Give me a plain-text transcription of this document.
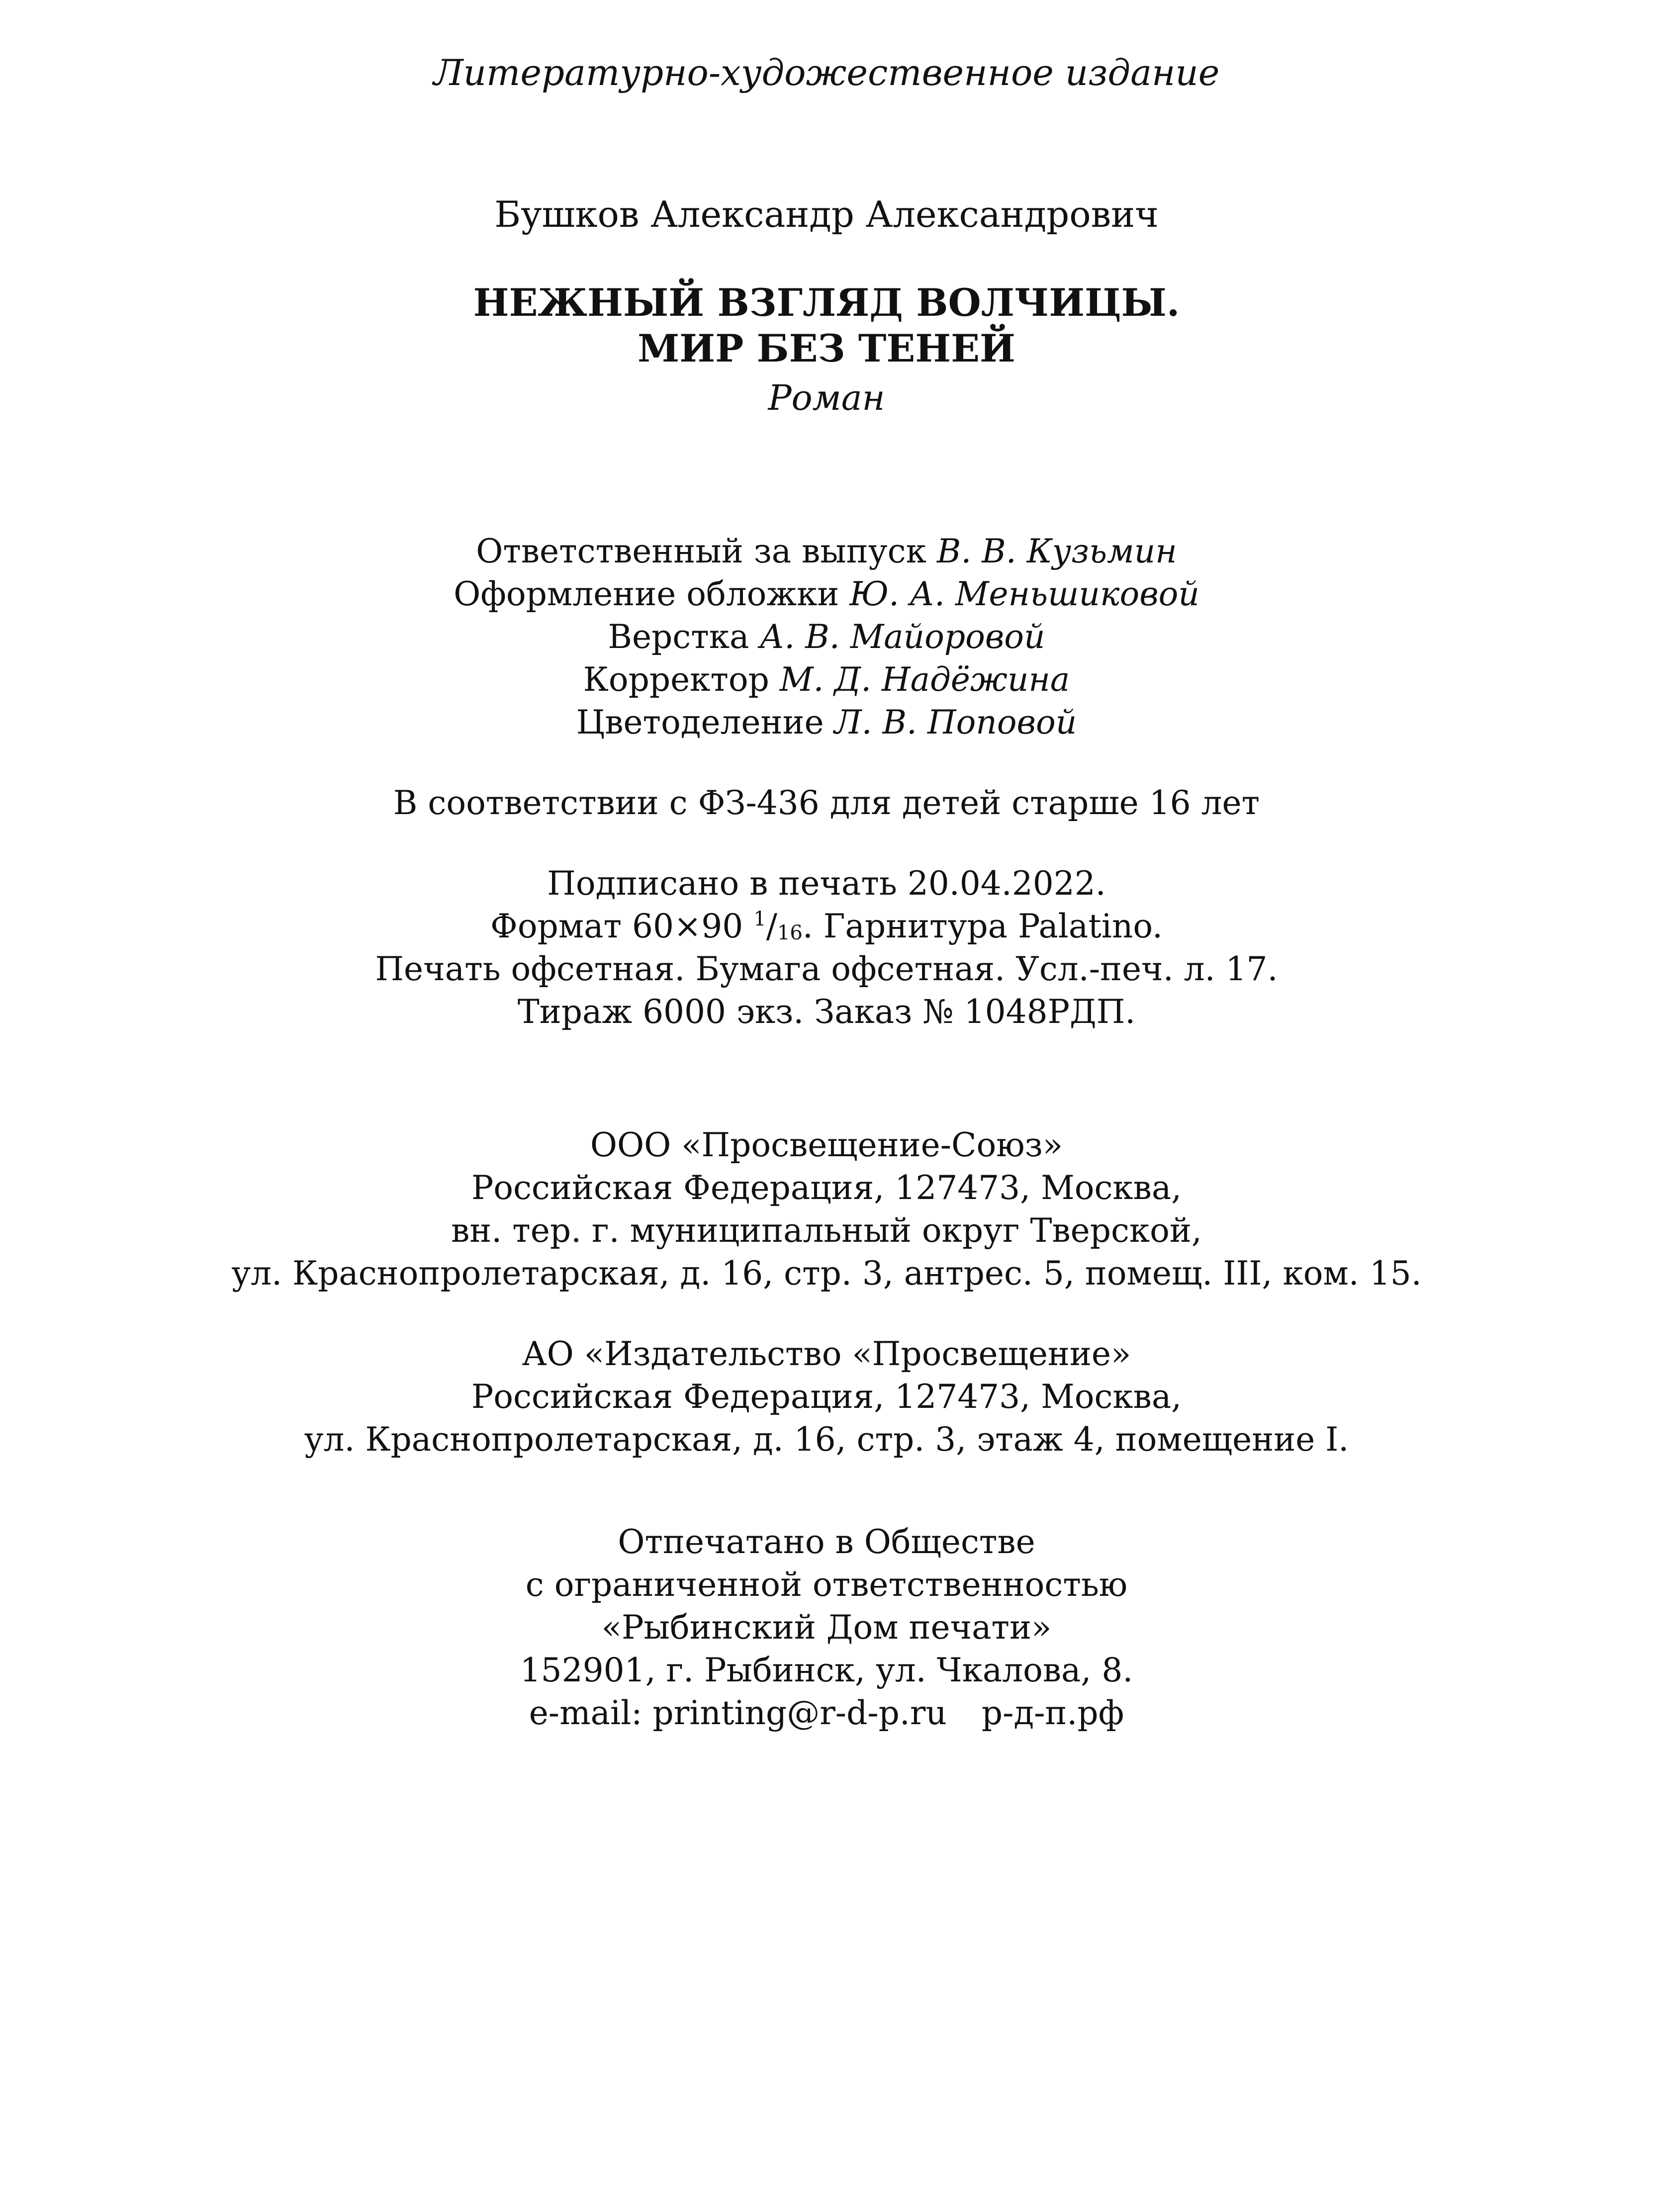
Литературно-художественное издание
Бушков Александр Александрович
НЕЖНЫЙ ВЗГЛЯД ВОЛЧИЦЫ.
МИР БЕЗ ТЕНЕЙ
Роман
Ответственный за выпуск В. В. Кузьмин
Оформление обложки Ю. А. Меньшиковой
Верстка А. В. Майоровой
Корректор М. Д. Надёжина
Цветоделение Л. В. Поповой
В соответствии с ФЗ-436 для детей старше 16 лет
Подписано в печать 20.04.2022.
Формат 60×90 $^1/_{16}$. Гарнитура Palatino.
Печать офсетная. Бумага офсетная. Усл.-печ. л. 17.
Тираж 6000 экз. Заказ № 1048РДП.
ООО «Просвещение-Союз»
Российская Федерация, 127473, Москва,
вн. тер. г. муниципальный округ Тверской,
ул. Краснопролетарская, д. 16, стр. 3, антрес. 5, помещ. III, ком. 15.
АО «Издательство «Просвещение»
Российская Федерация, 127473, Москва,
ул. Краснопролетарская, д. 16, стр. 3, этаж 4, помещение I.
Отпечатано в Обществе
с ограниченной ответственностью
«Рыбинский Дом печати»
152901, г. Рыбинск, ул. Чкалова, 8.
e-mail: printing@r-d-p.ru р-д-п.рф
